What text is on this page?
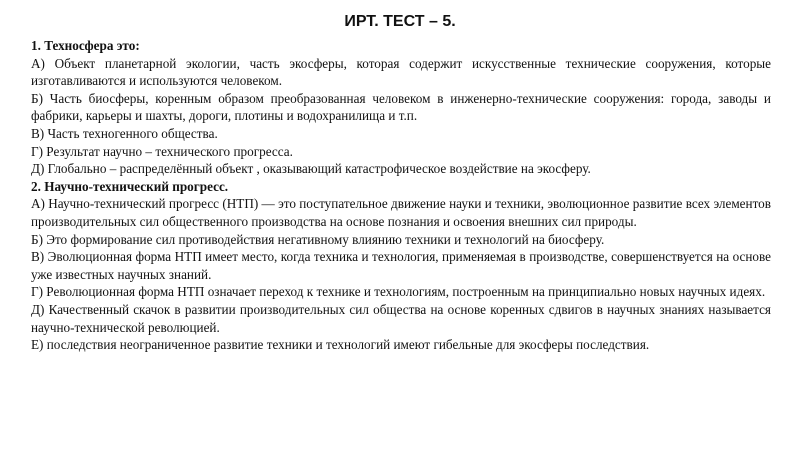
ИРТ. ТЕСТ – 5.

1. Техносфера это:

А) Объект планетарной экологии, часть экосферы, которая содержит искусственные технические сооружения, которые изготавливаются и используются человеком.

Б) Часть биосферы, коренным образом преобразованная человеком в инженерно-технические сооружения: города, заводы и фабрики, карьеры и шахты, дороги, плотины и водохранилища и т.п.

В) Часть техногенного общества.

Г) Результат научно – технического прогресса.

Д) Глобально – распределённый объект , оказывающий катастрофическое воздействие на экосферу.

2. Научно-технический прогресс.

А) Научно-технический прогресс (НТП) — это поступательное движение науки и техники, эволюционное развитие всех элементов производительных сил общественного производства на основе познания и освоения внешних сил природы.

Б) Это формирование сил противодействия негативному влиянию техники и технологий на биосферу.

В) Эволюционная форма НТП имеет место, когда техника и технология, применяемая в производстве, совершенствуется на основе уже известных научных знаний.

Г) Революционная форма НТП означает переход к технике и технологиям, построенным на принципиально новых научных идеях.

Д) Качественный скачок в развитии производительных сил общества на основе коренных сдвигов в научных знаниях называется научно-технической революцией.

Е) последствия неограниченное развитие техники и технологий имеют гибельные для экосферы последствия.
